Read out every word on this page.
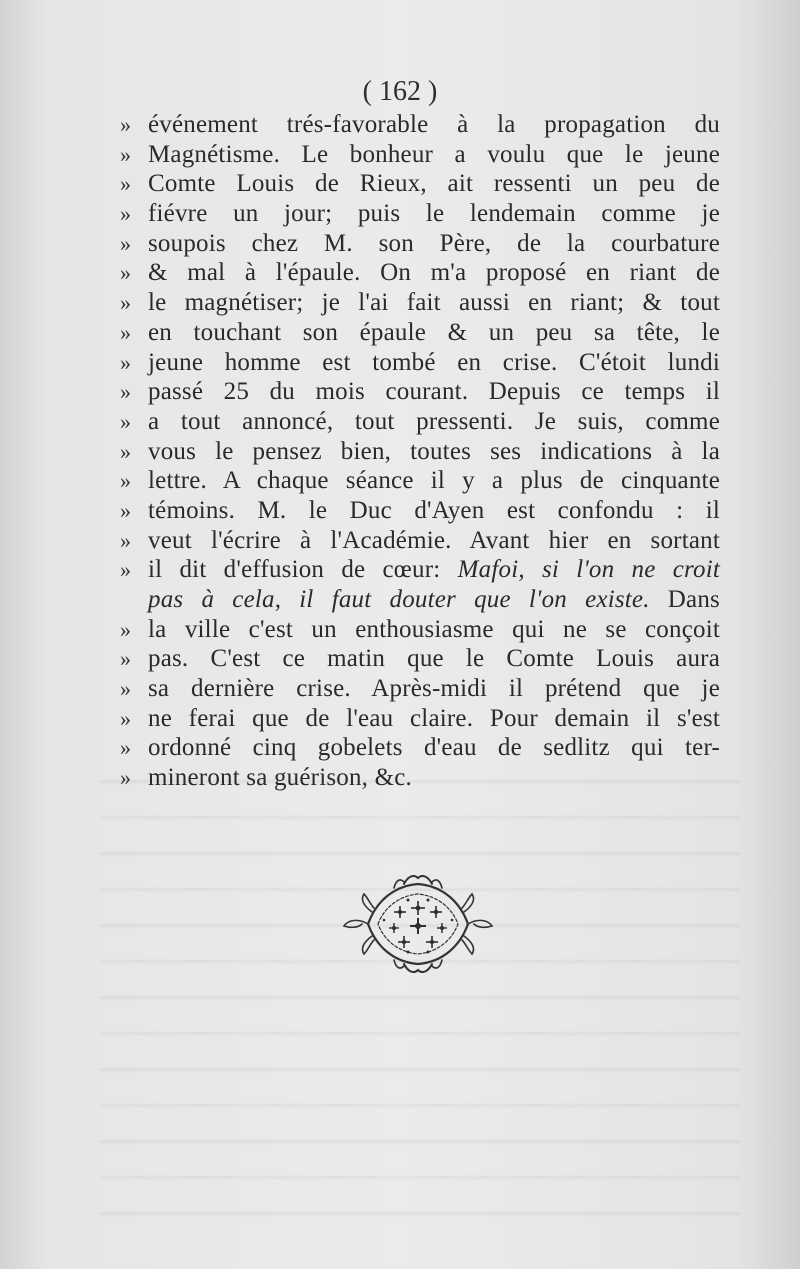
( 162 )
» événement trés-favorable à la propagation du
» Magnétisme. Le bonheur a voulu que le jeune
» Comte Louis de Rieux, ait ressenti un peu de
» fiévre un jour; puis le lendemain comme je
» soupois chez M. son Père, de la courbature
» & mal à l'épaule. On m'a proposé en riant de
» le magnétiser; je l'ai fait aussi en riant; & tout
» en touchant son épaule & un peu sa tête, le
» jeune homme est tombé en crise. C'étoit lundi
» passé 25 du mois courant. Depuis ce temps il
» a tout annoncé, tout pressenti. Je suis, comme
» vous le pensez bien, toutes ses indications à la
» lettre. A chaque séance il y a plus de cinquante
» témoins. M. le Duc d'Ayen est confondu : il
» veut l'écrire à l'Académie. Avant hier en sortant
» il dit d'effusion de cœur: Mafoi, si l'on ne croit
pas à cela, il faut douter que l'on existe. Dans
» la ville c'est un enthousiasme qui ne se conçoit
» pas. C'est ce matin que le Comte Louis aura
» sa dernière crise. Après-midi il prétend que je
» ne ferai que de l'eau claire. Pour demain il s'est
» ordonné cinq gobelets d'eau de sedlitz qui ter-
» mineront sa guérison, &c.
